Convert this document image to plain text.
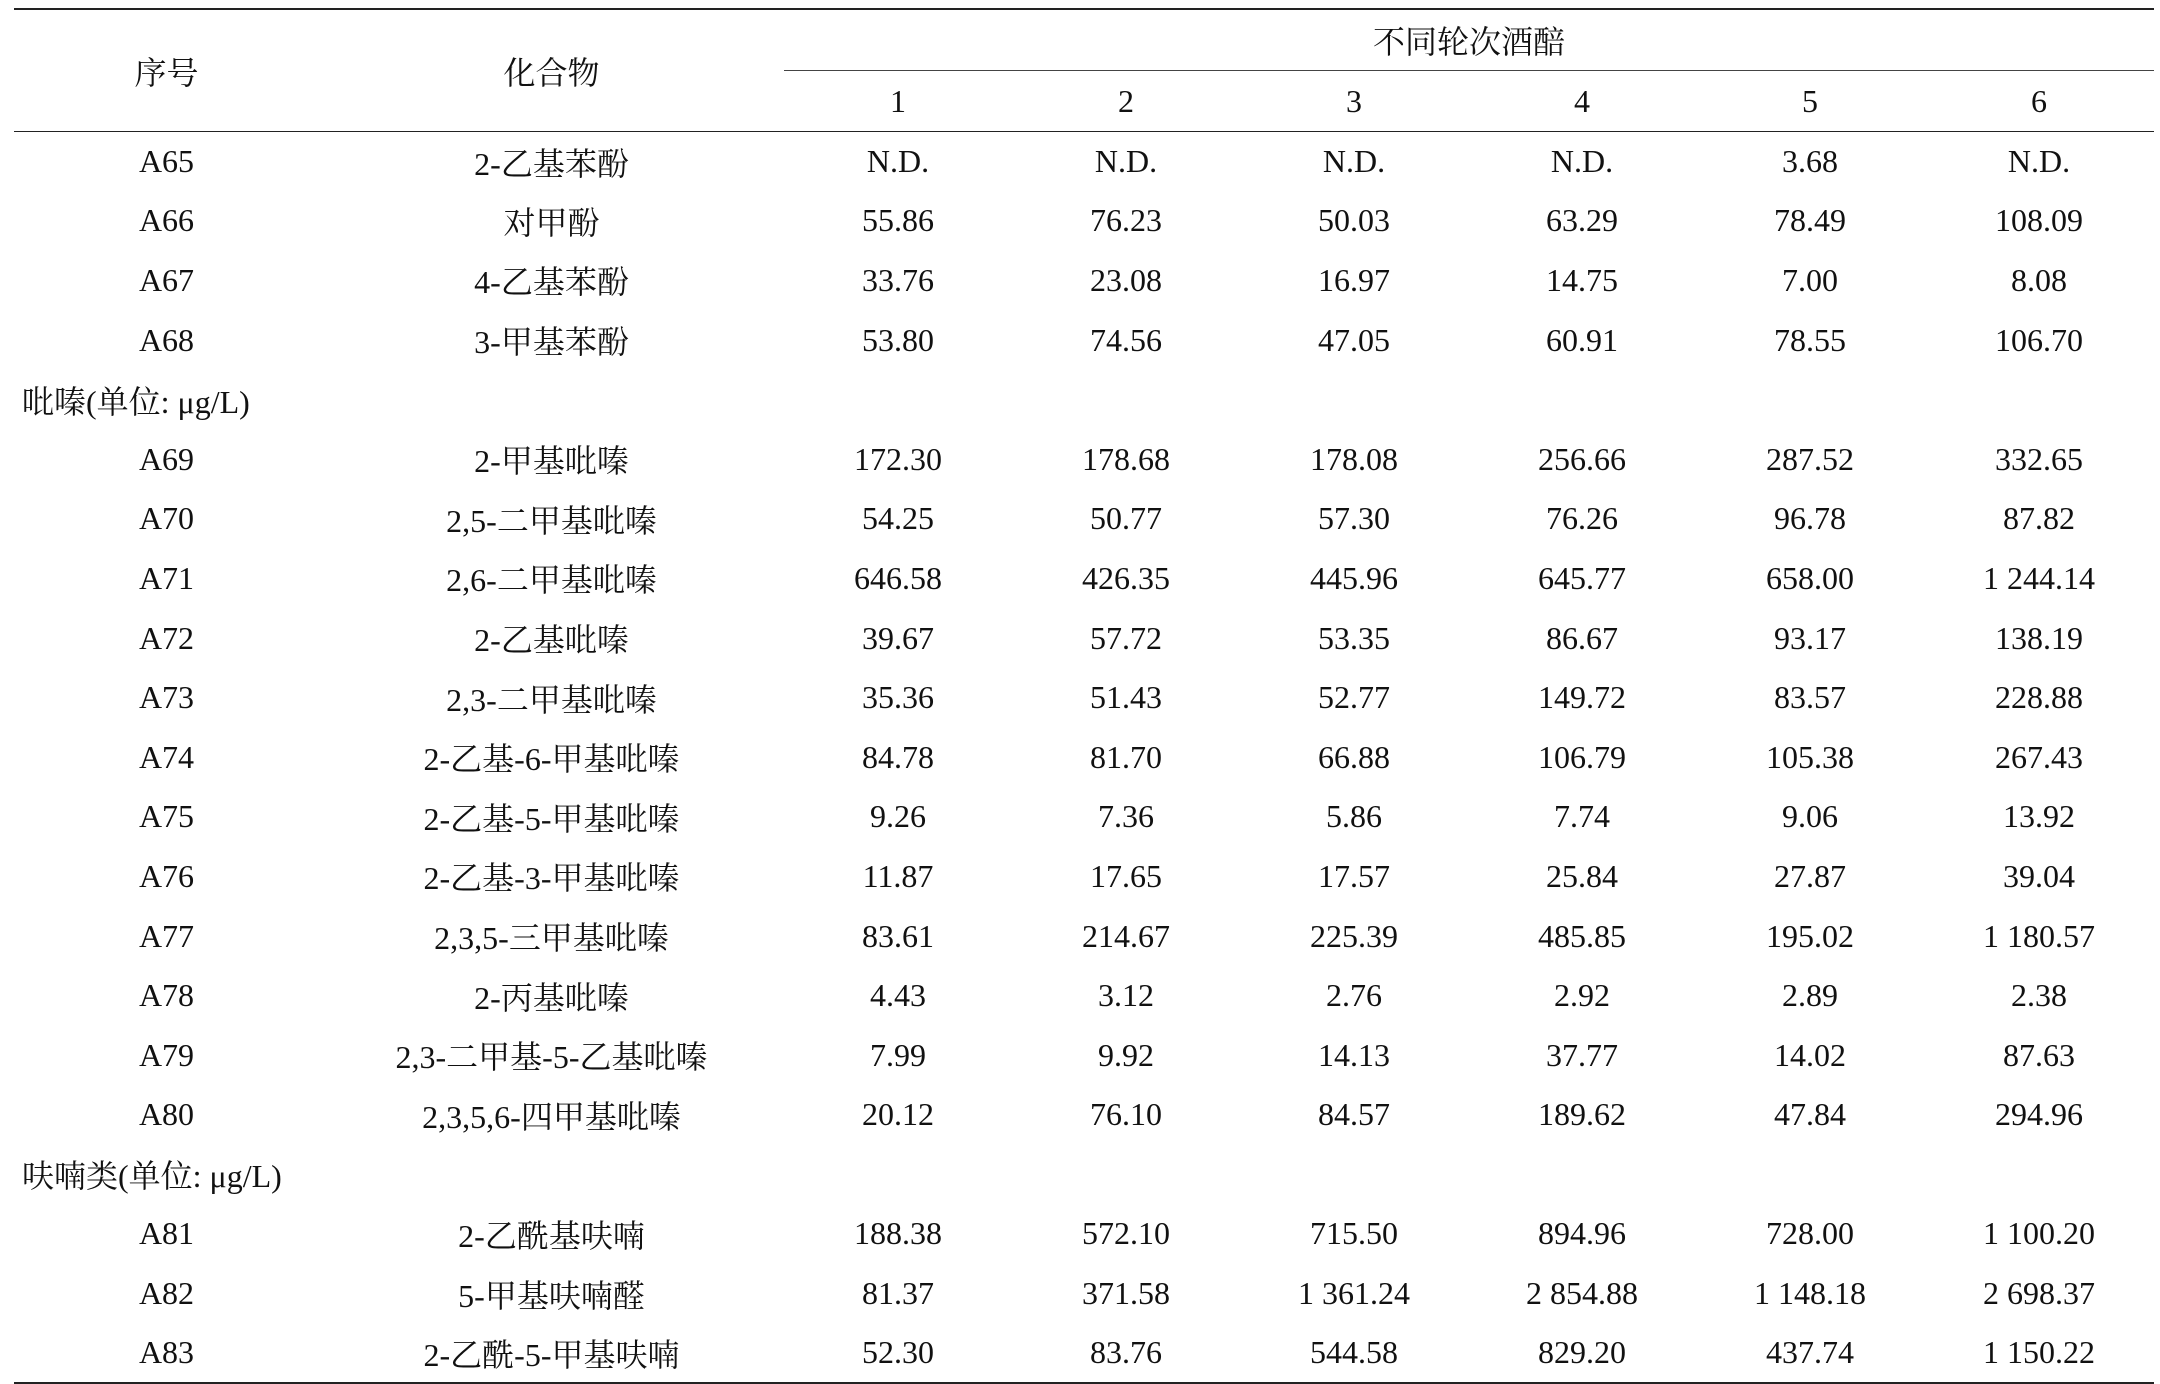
序号	化合物	不同轮次酒醅					
		1	2	3	4	5	6
A65	2-乙基苯酚	N.D.	N.D.	N.D.	N.D.	3.68	N.D.
A66	对甲酚	55.86	76.23	50.03	63.29	78.49	108.09
A67	4-乙基苯酚	33.76	23.08	16.97	14.75	7.00	8.08
A68	3-甲基苯酚	53.80	74.56	47.05	60.91	78.55	106.70
吡嗪(单位: μg/L)							
A69	2-甲基吡嗪	172.30	178.68	178.08	256.66	287.52	332.65
A70	2,5-二甲基吡嗪	54.25	50.77	57.30	76.26	96.78	87.82
A71	2,6-二甲基吡嗪	646.58	426.35	445.96	645.77	658.00	1 244.14
A72	2-乙基吡嗪	39.67	57.72	53.35	86.67	93.17	138.19
A73	2,3-二甲基吡嗪	35.36	51.43	52.77	149.72	83.57	228.88
A74	2-乙基-6-甲基吡嗪	84.78	81.70	66.88	106.79	105.38	267.43
A75	2-乙基-5-甲基吡嗪	9.26	7.36	5.86	7.74	9.06	13.92
A76	2-乙基-3-甲基吡嗪	11.87	17.65	17.57	25.84	27.87	39.04
A77	2,3,5-三甲基吡嗪	83.61	214.67	225.39	485.85	195.02	1 180.57
A78	2-丙基吡嗪	4.43	3.12	2.76	2.92	2.89	2.38
A79	2,3-二甲基-5-乙基吡嗪	7.99	9.92	14.13	37.77	14.02	87.63
A80	2,3,5,6-四甲基吡嗪	20.12	76.10	84.57	189.62	47.84	294.96
呋喃类(单位: μg/L)							
A81	2-乙酰基呋喃	188.38	572.10	715.50	894.96	728.00	1 100.20
A82	5-甲基呋喃醛	81.37	371.58	1 361.24	2 854.88	1 148.18	2 698.37
A83	2-乙酰-5-甲基呋喃	52.30	83.76	544.58	829.20	437.74	1 150.22
